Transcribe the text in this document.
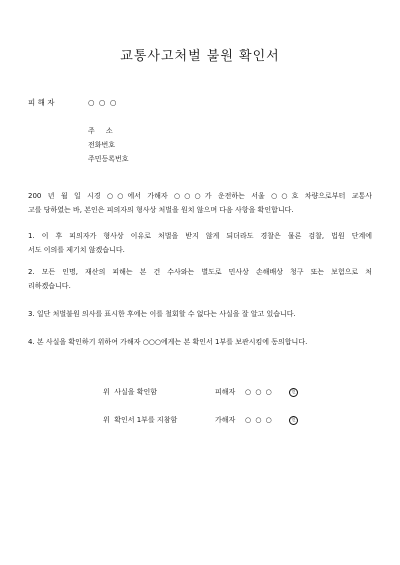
교통사고처벌 불원 확인서
피 해 자	○ ○ ○
주     소
전화번호
주민등록번호
200 년 월 일 시경 ○○에서 가해자 ○○○가 운전하는 서울 ○○호 차량으로부터 교통사
고를 당하였는 바, 본인은 피의자의 형사상 처벌을 원치 않으며 다음 사항을 확인합니다.
1. 이 후 피의자가 형사상 이유로 처벌을 받지 않게 되더라도 경찰은 물론 검찰, 법원 단계에
서도 이의를 제기치 않겠습니다.
2. 모든 인명, 재산의 피해는 본 건 수사와는 별도로 민사상 손해배상 청구 또는 보험으로 처
리하겠습니다.
3. 일단 처벌불원 의사를 표시한 후에는 이를 철회할 수 없다는 사실을 잘 알고 있습니다.
4. 본 사실을 확인하기 위하여 가해자 ○○○에게는 본 확인서 1부를 보관시킴에 동의합니다.
위  사실을 확인함	피해자 ○ ○ ○	인
위  확인서 1부를 지참함	가해자 ○ ○ ○	인
